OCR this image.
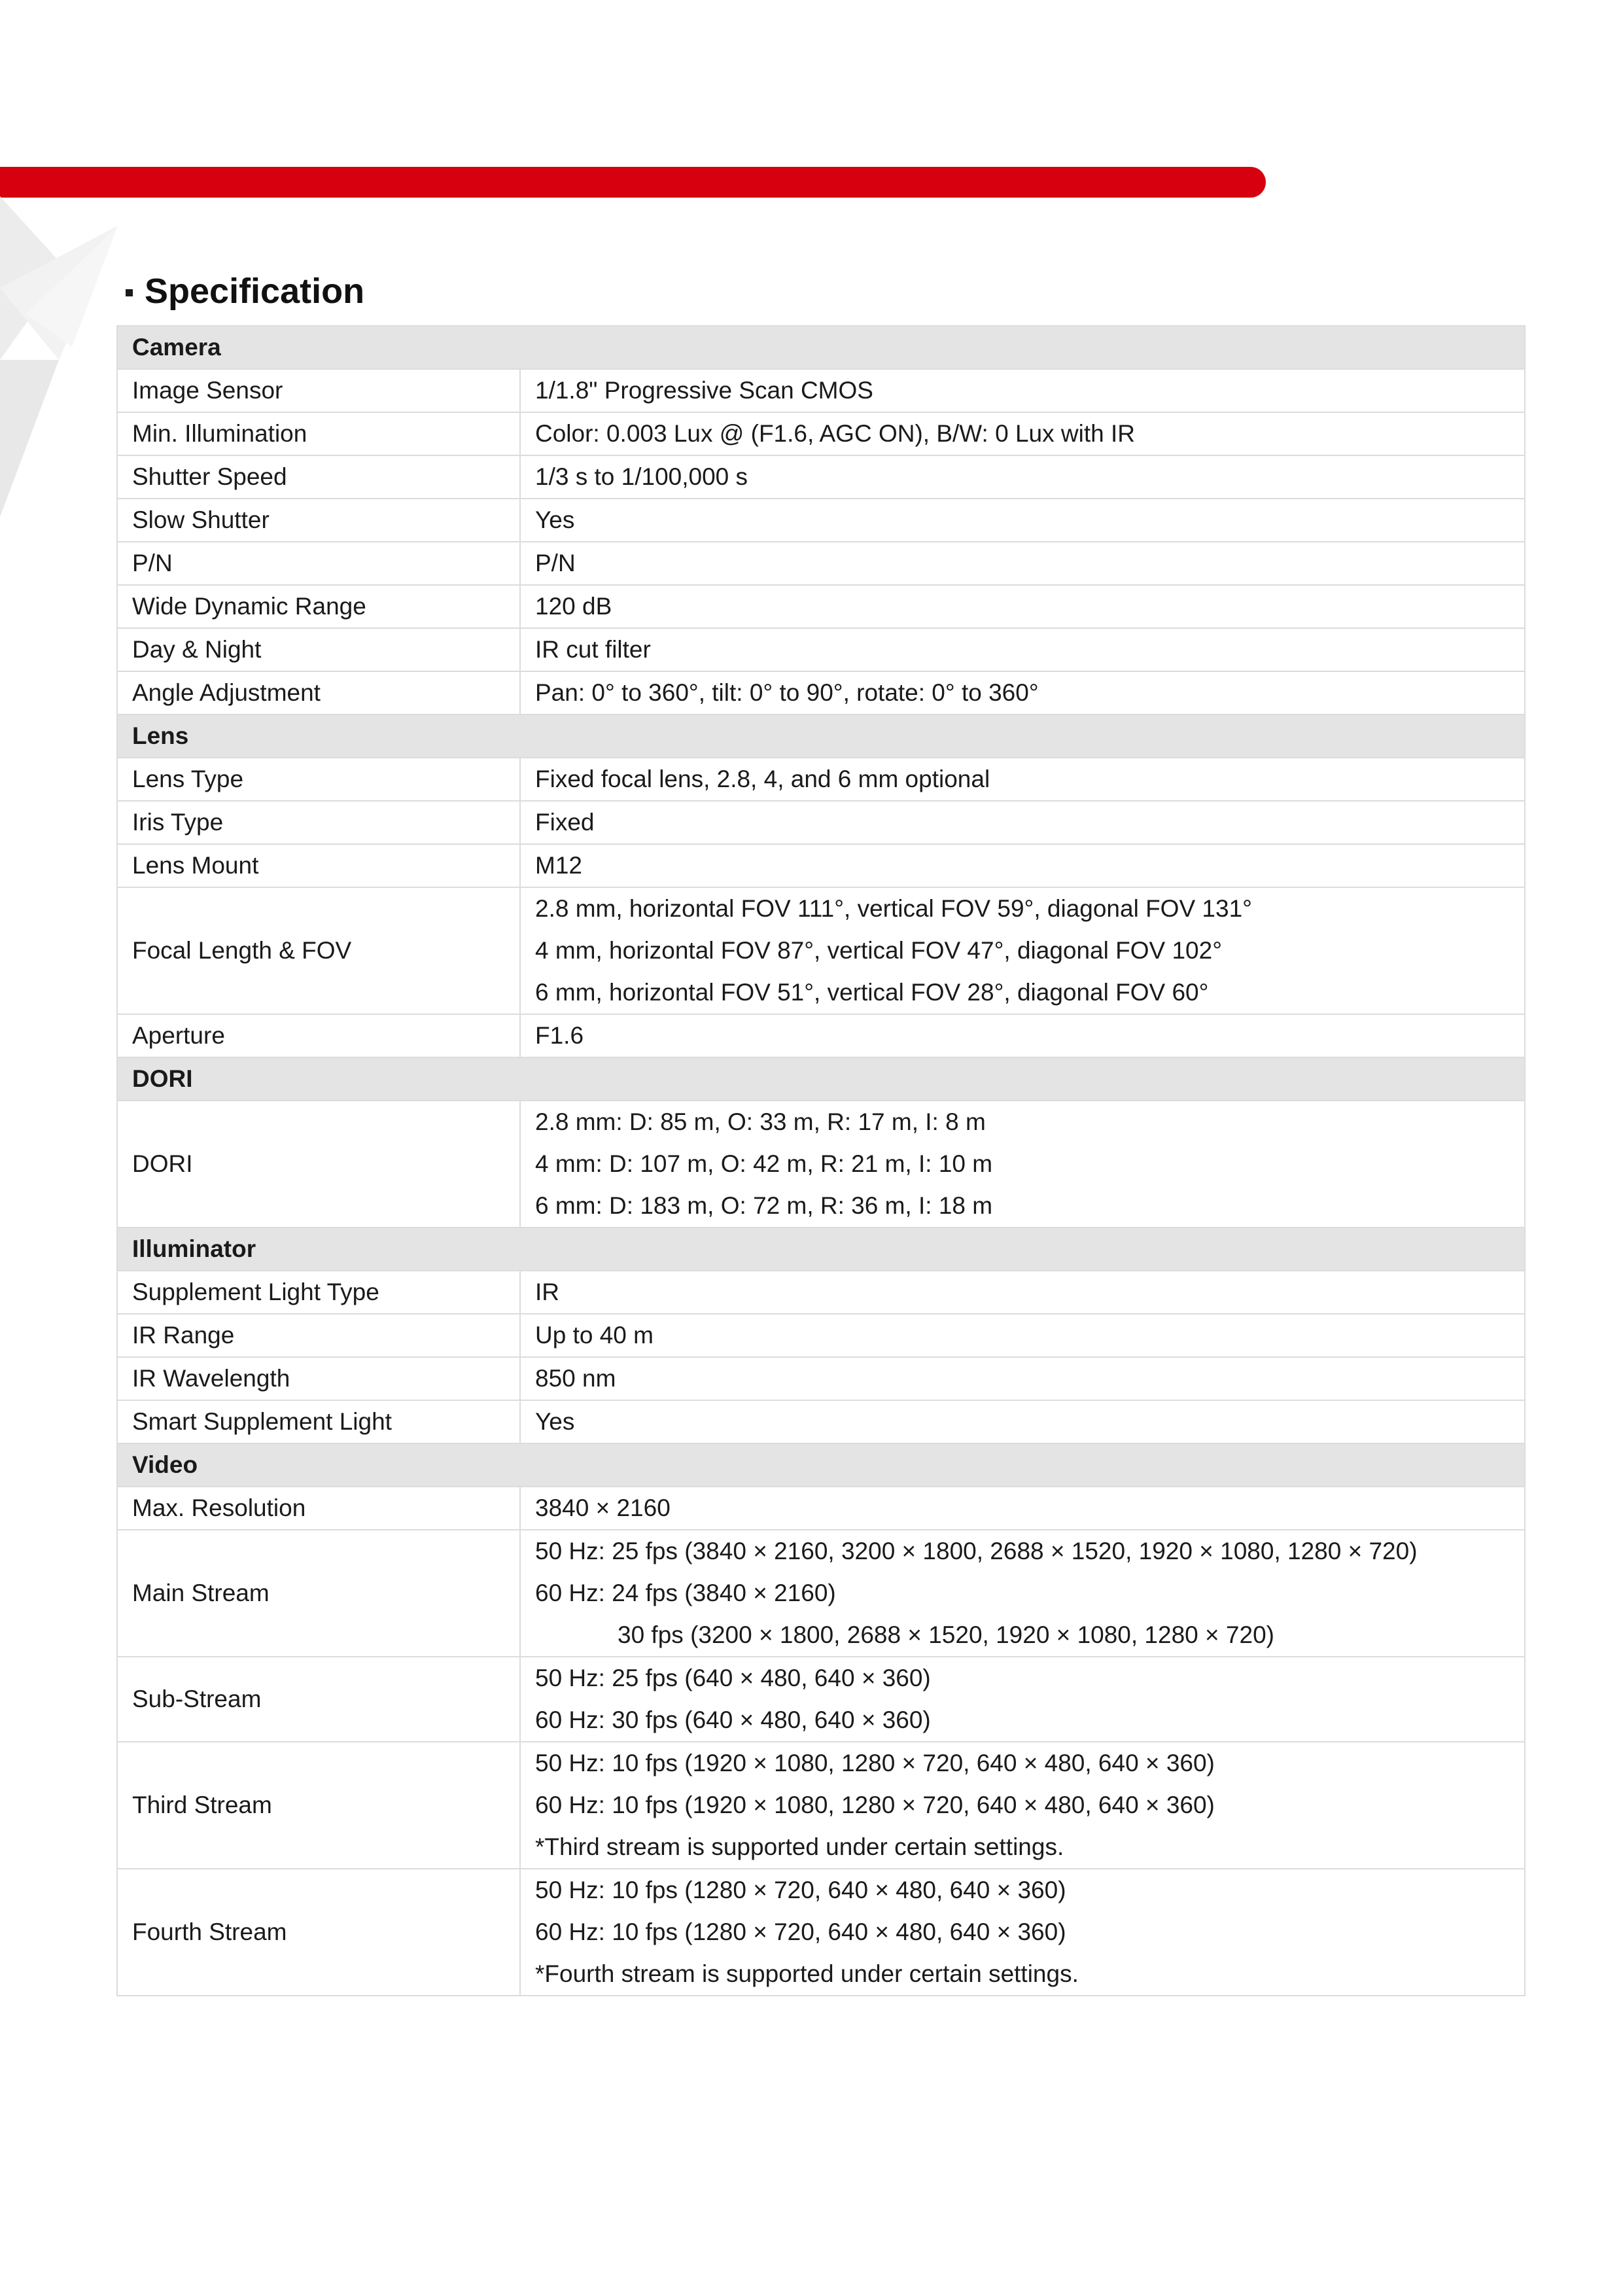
Specification
Camera	
Image Sensor	1/1.8" Progressive Scan CMOS
Min. Illumination	Color: 0.003 Lux @ (F1.6, AGC ON), B/W: 0 Lux with IR
Shutter Speed	1/3 s to 1/100,000 s
Slow Shutter	Yes
P/N	P/N
Wide Dynamic Range	120 dB
Day & Night	IR cut filter
Angle Adjustment	Pan: 0° to 360°, tilt: 0° to 90°, rotate: 0° to 360°
Lens	
Lens Type	Fixed focal lens, 2.8, 4, and 6 mm optional
Iris Type	Fixed
Lens Mount	M12
Focal Length & FOV	2.8 mm, horizontal FOV 111°, vertical FOV 59°, diagonal FOV 131°
4 mm, horizontal FOV 87°, vertical FOV 47°, diagonal FOV 102°
6 mm, horizontal FOV 51°, vertical FOV 28°, diagonal FOV 60°

Aperture	F1.6
DORI	
DORI	2.8 mm: D: 85 m, O: 33 m, R: 17 m, I: 8 m
4 mm: D: 107 m, O: 42 m, R: 21 m, I: 10 m
6 mm: D: 183 m, O: 72 m, R: 36 m, I: 18 m

Illuminator	
Supplement Light Type	IR
IR Range	Up to 40 m
IR Wavelength	850 nm
Smart Supplement Light	Yes
Video	
Max. Resolution	3840 × 2160
Main Stream	50 Hz: 25 fps (3840 × 2160, 3200 × 1800, 2688 × 1520, 1920 × 1080, 1280 × 720)
60 Hz: 24 fps (3840 × 2160)
30 fps (3200 × 1800, 2688 × 1520, 1920 × 1080, 1280 × 720)

Sub-Stream	50 Hz: 25 fps (640 × 480, 640 × 360)
60 Hz: 30 fps (640 × 480, 640 × 360)

Third Stream	50 Hz: 10 fps (1920 × 1080, 1280 × 720, 640 × 480, 640 × 360)
60 Hz: 10 fps (1920 × 1080, 1280 × 720, 640 × 480, 640 × 360)
*Third stream is supported under certain settings.

Fourth Stream	50 Hz: 10 fps (1280 × 720, 640 × 480, 640 × 360)
60 Hz: 10 fps (1280 × 720, 640 × 480, 640 × 360)
*Fourth stream is supported under certain settings.
